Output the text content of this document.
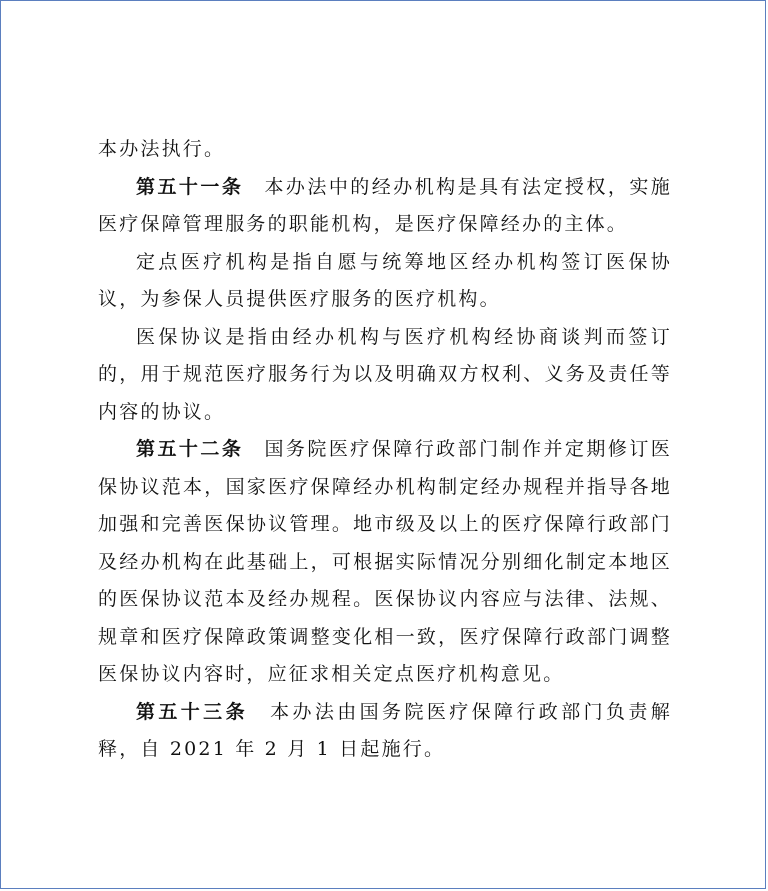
本办法执行。

第五十一条 本办法中的经办机构是具有法定授权，实施医疗保障管理服务的职能机构，是医疗保障经办的主体。

定点医疗机构是指自愿与统筹地区经办机构签订医保协议，为参保人员提供医疗服务的医疗机构。

医保协议是指由经办机构与医疗机构经协商谈判而签订的，用于规范医疗服务行为以及明确双方权利、义务及责任等内容的协议。

第五十二条 国务院医疗保障行政部门制作并定期修订医保协议范本，国家医疗保障经办机构制定经办规程并指导各地加强和完善医保协议管理。地市级及以上的医疗保障行政部门及经办机构在此基础上，可根据实际情况分别细化制定本地区的医保协议范本及经办规程。医保协议内容应与法律、法规、规章和医疗保障政策调整变化相一致，医疗保障行政部门调整医保协议内容时，应征求相关定点医疗机构意见。

第五十三条 本办法由国务院医疗保障行政部门负责解释，自 2021 年 2 月 1 日起施行。
